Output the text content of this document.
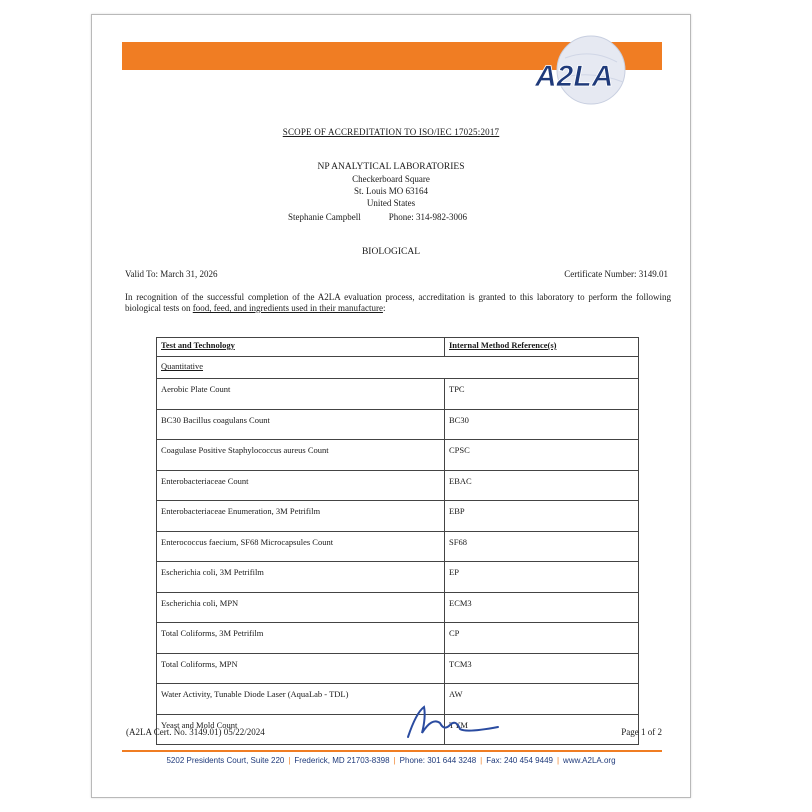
A2LA
SCOPE OF ACCREDITATION TO ISO/IEC 17025:2017
NP ANALYTICAL LABORATORIES
Checkerboard Square
St. Louis MO 63164
United States
Stephanie Campbell	Phone: 314-982-3006
BIOLOGICAL
Valid To: March 31, 2026	Certificate Number: 3149.01
In recognition of the successful completion of the A2LA evaluation process, accreditation is granted to this laboratory to perform the following biological tests on food, feed, and ingredients used in their manufacture:
Test and Technology	Internal Method Reference(s)
Quantitative	
Aerobic Plate Count	TPC
BC30 Bacillus coagulans Count	BC30
Coagulase Positive Staphylococcus aureus Count	CPSC
Enterobacteriaceae Count	EBAC
Enterobacteriaceae Enumeration, 3M Petrifilm	EBP
Enterococcus faecium, SF68 Microcapsules Count	SF68
Escherichia coli, 3M Petrifilm	EP
Escherichia coli, MPN	ECM3
Total Coliforms, 3M Petrifilm	CP
Total Coliforms, MPN	TCM3
Water Activity, Tunable Diode Laser (AquaLab - TDL)	AW
Yeast and Mold Count	TYM
(A2LA Cert. No. 3149.01) 05/22/2024	Page 1 of 2
5202 Presidents Court, Suite 220 | Frederick, MD 21703-8398 | Phone: 301 644 3248 | Fax: 240 454 9449 | www.A2LA.org
